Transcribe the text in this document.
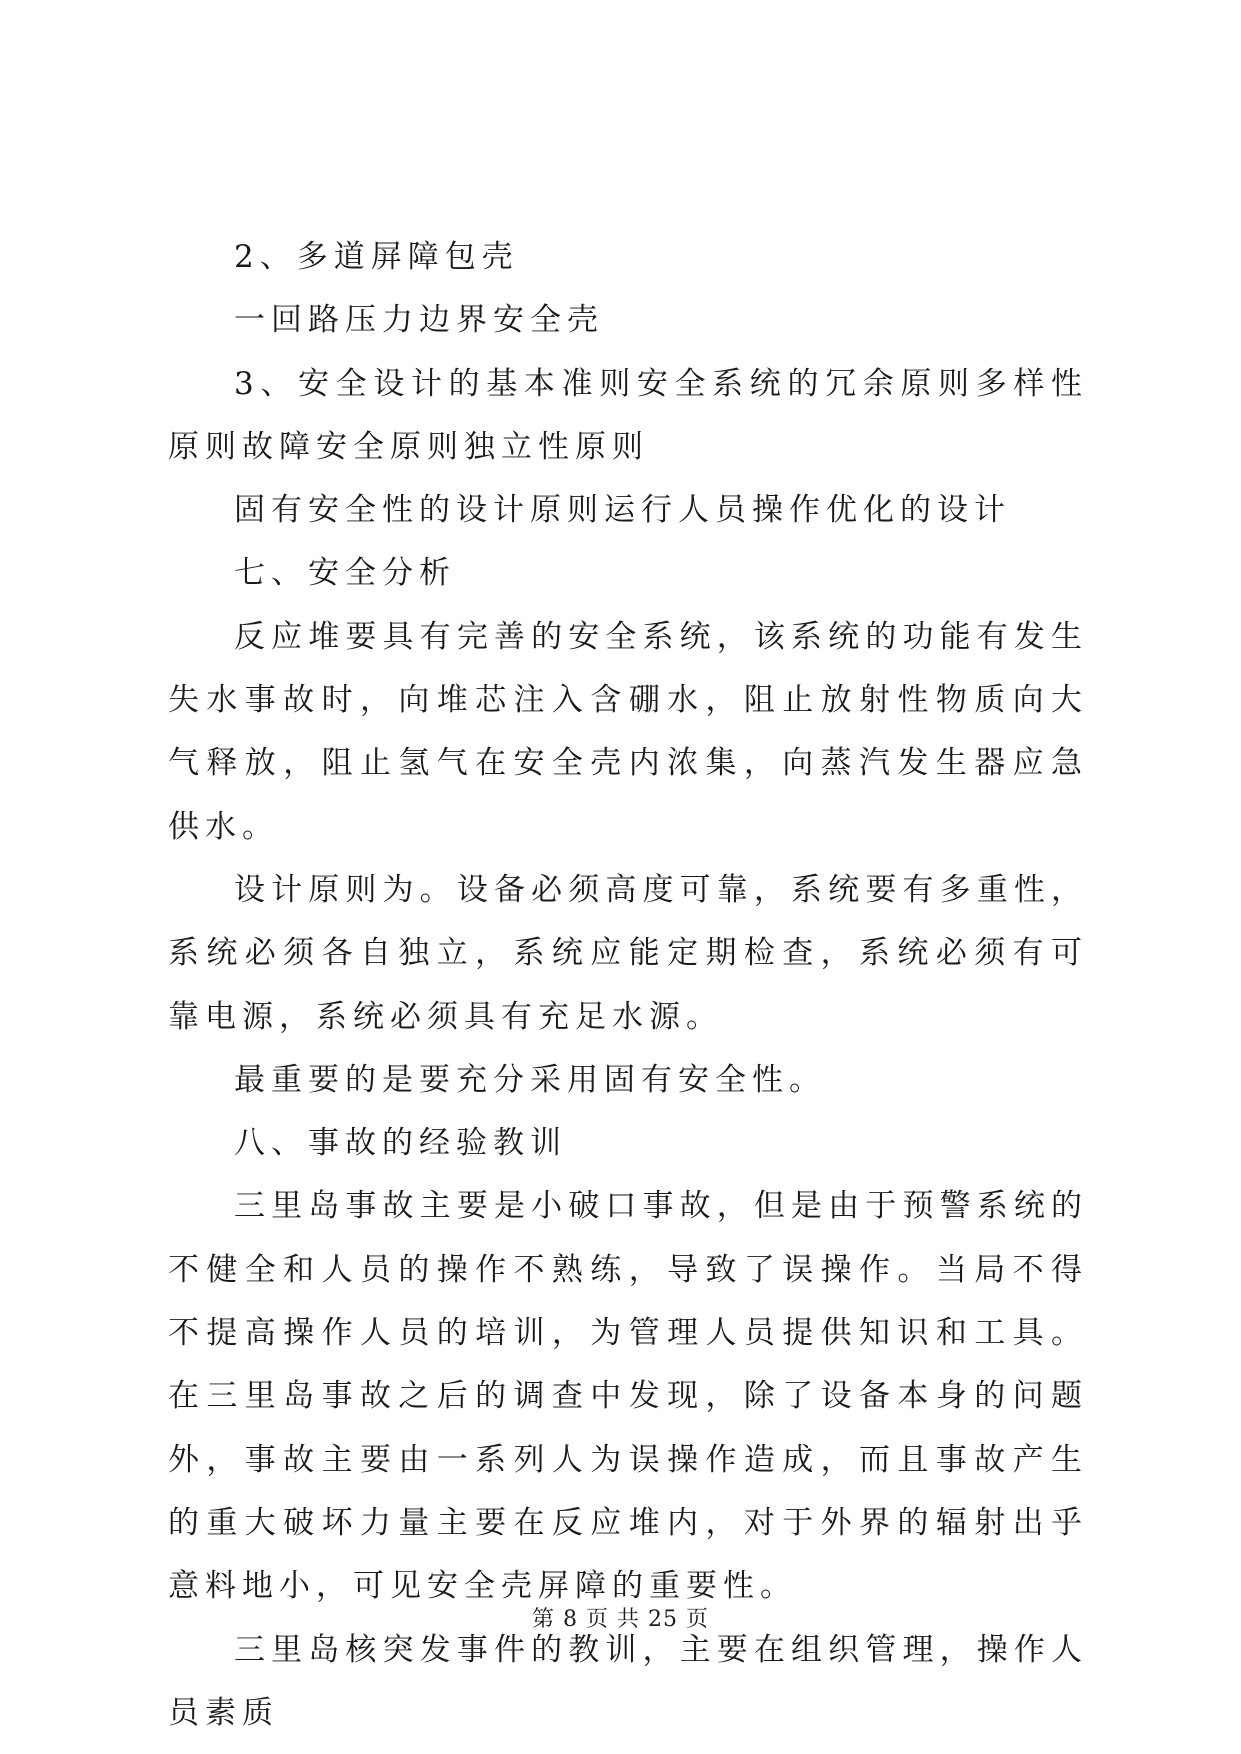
2、多道屏障包壳

一回路压力边界安全壳

3、安全设计的基本准则安全系统的冗余原则多样性原则故障安全原则独立性原则

固有安全性的设计原则运行人员操作优化的设计

七、安全分析

反应堆要具有完善的安全系统，该系统的功能有发生失水事故时，向堆芯注入含硼水，阻止放射性物质向大气释放，阻止氢气在安全壳内浓集，向蒸汽发生器应急供水。

设计原则为。设备必须高度可靠，系统要有多重性，系统必须各自独立，系统应能定期检查，系统必须有可靠电源，系统必须具有充足水源。

最重要的是要充分采用固有安全性。

八、事故的经验教训

三里岛事故主要是小破口事故，但是由于预警系统的不健全和人员的操作不熟练，导致了误操作。当局不得不提高操作人员的培训，为管理人员提供知识和工具。在三里岛事故之后的调查中发现，除了设备本身的问题外，事故主要由一系列人为误操作造成，而且事故产生的重大破坏力量主要在反应堆内，对于外界的辐射出乎意料地小，可见安全壳屏障的重要性。

三里岛核突发事件的教训，主要在组织管理，操作人员素质

第 8 页 共 25 页
